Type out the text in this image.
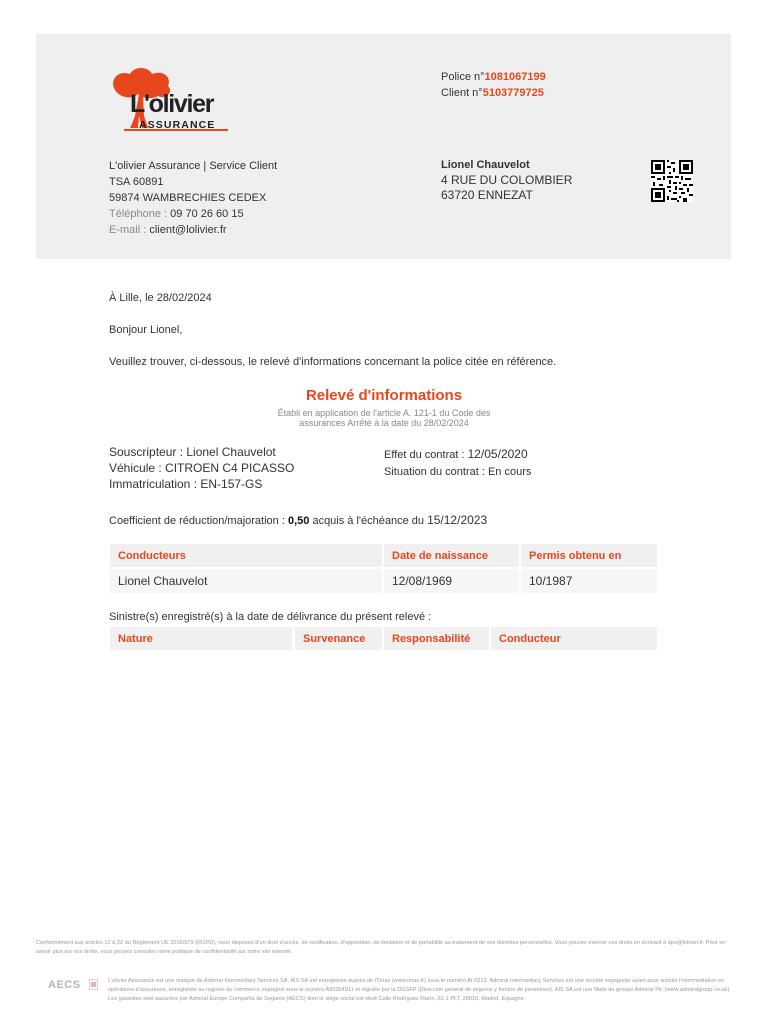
L'olivier
ASSURANCE
Police n°1081067199
Client n°5103779725
L'olivier Assurance | Service Client
TSA 60891
59874 WAMBRECHIES CEDEX
Téléphone : 09 70 26 60 15
E-mail : client@lolivier.fr
Lionel Chauvelot
4 RUE DU COLOMBIER
63720 ENNEZAT
À Lille, le 28/02/2024
Bonjour Lionel,
Veuillez trouver, ci-dessous, le relevé d'informations concernant la police citée en référence.
Relevé d'informations
Établi en application de l'article A. 121-1 du Code des assurances Arrêté à la date du 28/02/2024
Souscripteur : Lionel Chauvelot
Véhicule : CITROEN C4 PICASSO
Immatriculation : EN-157-GS
Effet du contrat : 12/05/2020
Situation du contrat : En cours
Coefficient de réduction/majoration : 0,50 acquis à l'échéance du 15/12/2023
Conducteurs	Date de naissance	Permis obtenu en
Lionel Chauvelot	12/08/1969	10/1987
Sinistre(s) enregistré(s) à la date de délivrance du présent relevé :
Nature	Survenance	Responsabilité	Conducteur
Conformément aux articles 12 à 22 du Règlement UE 2016/679 (RGPD), vous disposez d'un droit d'accès, de rectification, d'opposition, de limitation et de portabilité au traitement de vos données personnelles. Vous pouvez exercer ces droits en écrivant à dpo@lolivier.fr. Pour en savoir plus sur vos droits, vous pouvez consulter notre politique de confidentialité sur notre site internet.
AECS	L'olivier Assurance est une marque de Admiral Intermediary Services SA. AIS SA est enregistrée auprès de l'Orias (www.orias.fr) sous le numéro AI-0213. Admiral Intermediary Services est une société espagnole ayant pour activité l'intermédiation en opérations d'assurance, enregistrée au registre du commerce espagnol sous le numéro A90354911 et régulée par la DGSFP (Dirección general de seguros y fondos de pensiones). AIS SA est une filiale du groupe Admiral Plc (www.admiralgroup.co.uk). Les garanties sont assurées par Admiral Europe Compañía de Seguros (AECS) dont le siège social est situé Calle Rodríguez Marín, 61-1 PLT, 28016, Madrid, Espagne.
